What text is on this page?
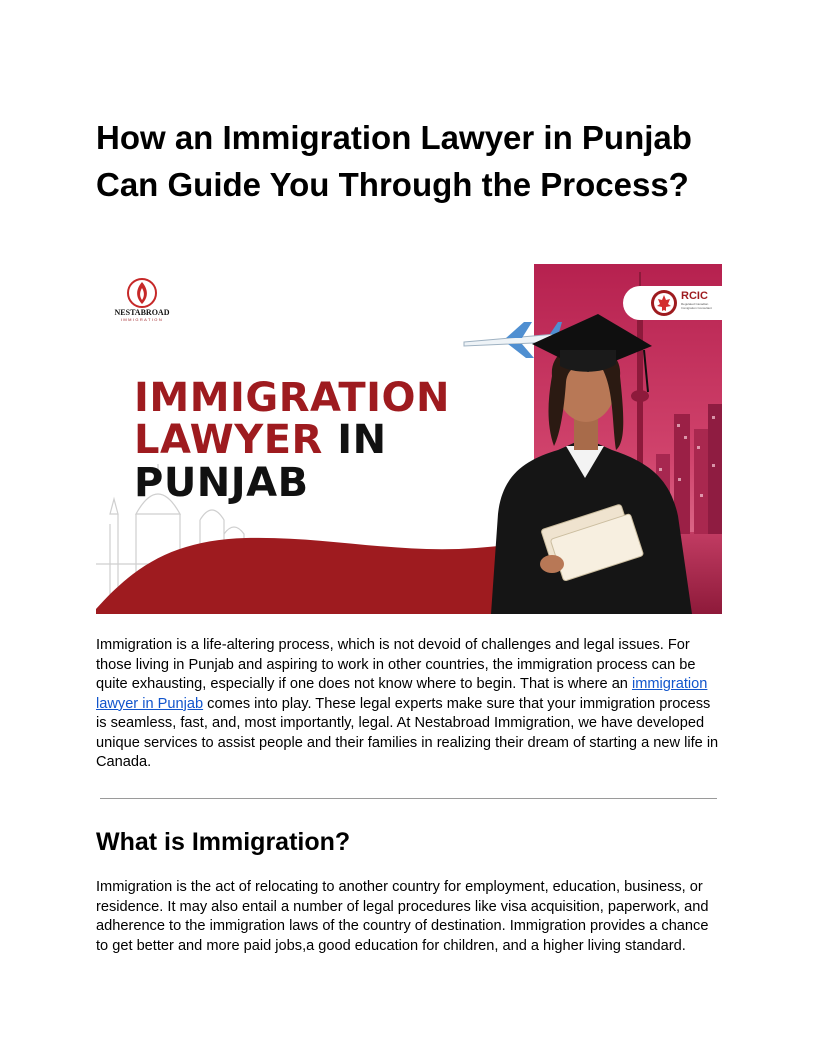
How an Immigration Lawyer in Punjab Can Guide You Through the Process?
NESTABROAD
IMMIGRATION
RCIC
Regulated Canadian
Immigration Consultant
IMMIGRATION
LAWYER IN
PUNJAB

Immigration is a life-altering process, which is not devoid of challenges and legal issues. For those living in Punjab and aspiring to work in other countries, the immigration process can be quite exhausting, especially if one does not know where to begin. That is where an immigration lawyer in Punjab comes into play. These legal experts make sure that your immigration process is seamless, fast, and, most importantly, legal. At Nestabroad Immigration, we have developed unique services to assist people and their families in realizing their dream of starting a new life in Canada.

What is Immigration?

Immigration is the act of relocating to another country for employment, education, business, or residence. It may also entail a number of legal procedures like visa acquisition, paperwork, and adherence to the immigration laws of the country of destination. Immigration provides a chance to get better and more paid jobs,a good education for children, and a higher living standard.
